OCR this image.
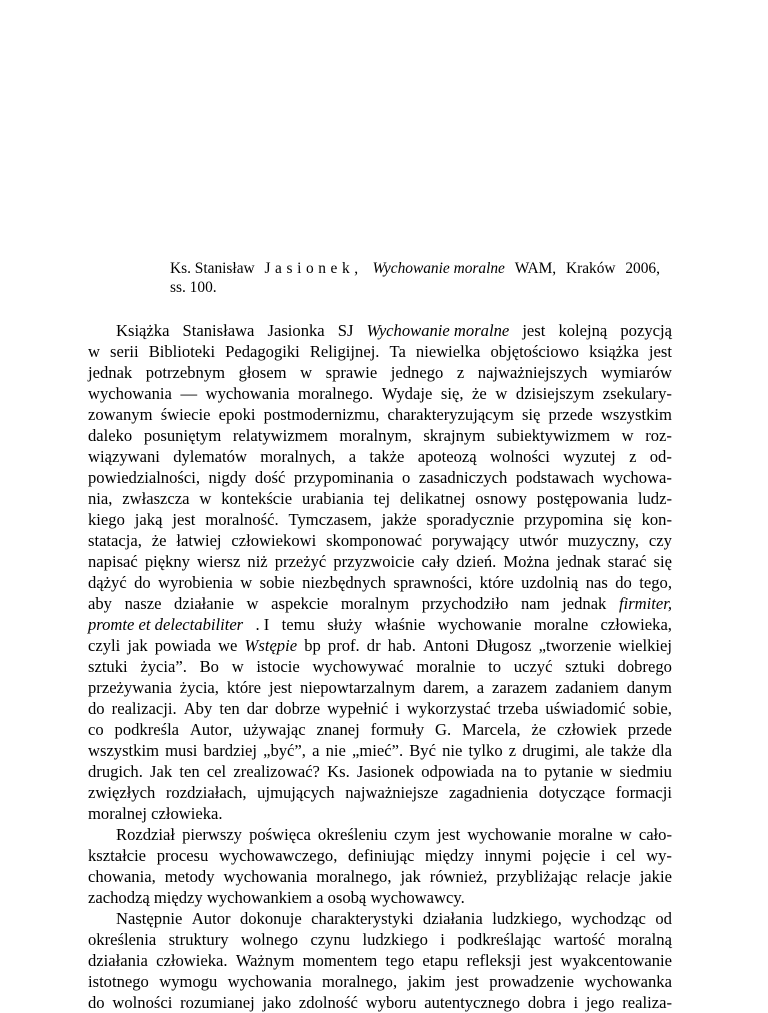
Ks. Stanisław Jasionek, Wychowanie moralne WAM, Kraków 2006,
ss. 100.
Książka Stanisława Jasionka SJ Wychowanie moralne jest kolejną pozycją
w serii Biblioteki Pedagogiki Religijnej. Ta niewielka objętościowo książka jest
jednak potrzebnym głosem w sprawie jednego z najważniejszych wymiarów
wychowania — wychowania moralnego. Wydaje się, że w dzisiejszym zsekulary-
zowanym świecie epoki postmodernizmu, charakteryzującym się przede wszystkim
daleko posuniętym relatywizmem moralnym, skrajnym subiektywizmem w roz-
wiązywani dylematów moralnych, a także apoteozą wolności wyzutej z od-
powiedzialności, nigdy dość przypominania o zasadniczych podstawach wychowa-
nia, zwłaszcza w kontekście urabiania tej delikatnej osnowy postępowania ludz-
kiego jaką jest moralność. Tymczasem, jakże sporadycznie przypomina się kon-
statacja, że łatwiej człowiekowi skomponować porywający utwór muzyczny, czy
napisać piękny wiersz niż przeżyć przyzwoicie cały dzień. Można jednak starać się
dążyć do wyrobienia w sobie niezbędnych sprawności, które uzdolnią nas do tego,
aby nasze działanie w aspekcie moralnym przychodziło nam jednak firmiter,
promte et delectabiliter . I temu służy właśnie wychowanie moralne człowieka,
czyli jak powiada we Wstępie bp prof. dr hab. Antoni Długosz „tworzenie wielkiej
sztuki życia”. Bo w istocie wychowywać moralnie to uczyć sztuki dobrego
przeżywania życia, które jest niepowtarzalnym darem, a zarazem zadaniem danym
do realizacji. Aby ten dar dobrze wypełnić i wykorzystać trzeba uświadomić sobie,
co podkreśla Autor, używając znanej formuły G. Marcela, że człowiek przede
wszystkim musi bardziej „być”, a nie „mieć”. Być nie tylko z drugimi, ale także dla
drugich. Jak ten cel zrealizować? Ks. Jasionek odpowiada na to pytanie w siedmiu
zwięzłych rozdziałach, ujmujących najważniejsze zagadnienia dotyczące formacji
moralnej człowieka.
Rozdział pierwszy poświęca określeniu czym jest wychowanie moralne w cało-
kształcie procesu wychowawczego, definiując między innymi pojęcie i cel wy-
chowania, metody wychowania moralnego, jak również, przybliżając relacje jakie
zachodzą między wychowankiem a osobą wychowawcy.
Następnie Autor dokonuje charakterystyki działania ludzkiego, wychodząc od
określenia struktury wolnego czynu ludzkiego i podkreślając wartość moralną
działania człowieka. Ważnym momentem tego etapu refleksji jest wyakcentowanie
istotnego wymogu wychowania moralnego, jakim jest prowadzenie wychowanka
do wolności rozumianej jako zdolność wyboru autentycznego dobra i jego realiza-
